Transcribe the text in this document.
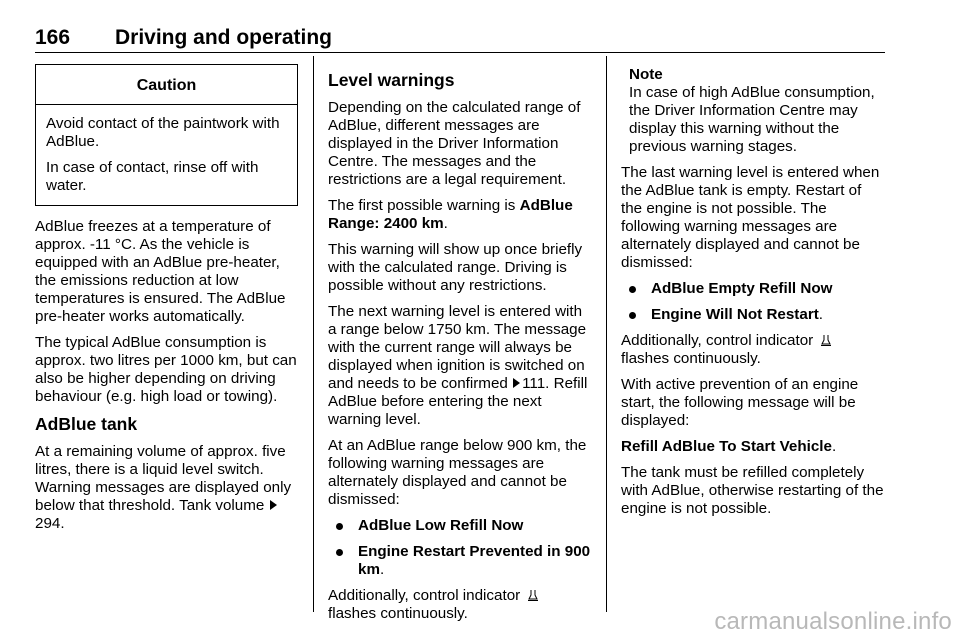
166 Driving and operating
Caution

Avoid contact of the paintwork with AdBlue.

In case of contact, rinse off with water.

AdBlue freezes at a temperature of approx. -11 °C. As the vehicle is equipped with an AdBlue pre-heater, the emissions reduction at low temperatures is ensured. The AdBlue pre-heater works automatically.

The typical AdBlue consumption is approx. two litres per 1000 km, but can also be higher depending on driving behaviour (e.g. high load or towing).

AdBlue tank

At a remaining volume of approx. five litres, there is a liquid level switch. Warning messages are displayed only below that threshold. Tank volume 294.

Level warnings

Depending on the calculated range of AdBlue, different messages are displayed in the Driver Information Centre. The messages and the restrictions are a legal requirement.

The first possible warning is AdBlue Range: 2400 km.

This warning will show up once briefly with the calculated range. Driving is possible without any restrictions.

The next warning level is entered with a range below 1750 km. The message with the current range will always be displayed when ignition is switched on and needs to be confirmed 111. Refill AdBlue before entering the next warning level.

At an AdBlue range below 900 km, the following warning messages are alternately displayed and cannot be dismissed:

AdBlue Low Refill Now
Engine Restart Prevented in 900 km.

Additionally, control indicator
flashes continuously.

Note
In case of high AdBlue consumption, the Driver Information Centre may display this warning without the previous warning stages.

The last warning level is entered when the AdBlue tank is empty. Restart of the engine is not possible. The following warning messages are alternately displayed and cannot be dismissed:

AdBlue Empty Refill Now
Engine Will Not Restart.

Additionally, control indicator
flashes continuously.

With active prevention of an engine start, the following message will be displayed:

Refill AdBlue To Start Vehicle.

The tank must be refilled completely with AdBlue, otherwise restarting of the engine is not possible.

carmanualsonline.info
